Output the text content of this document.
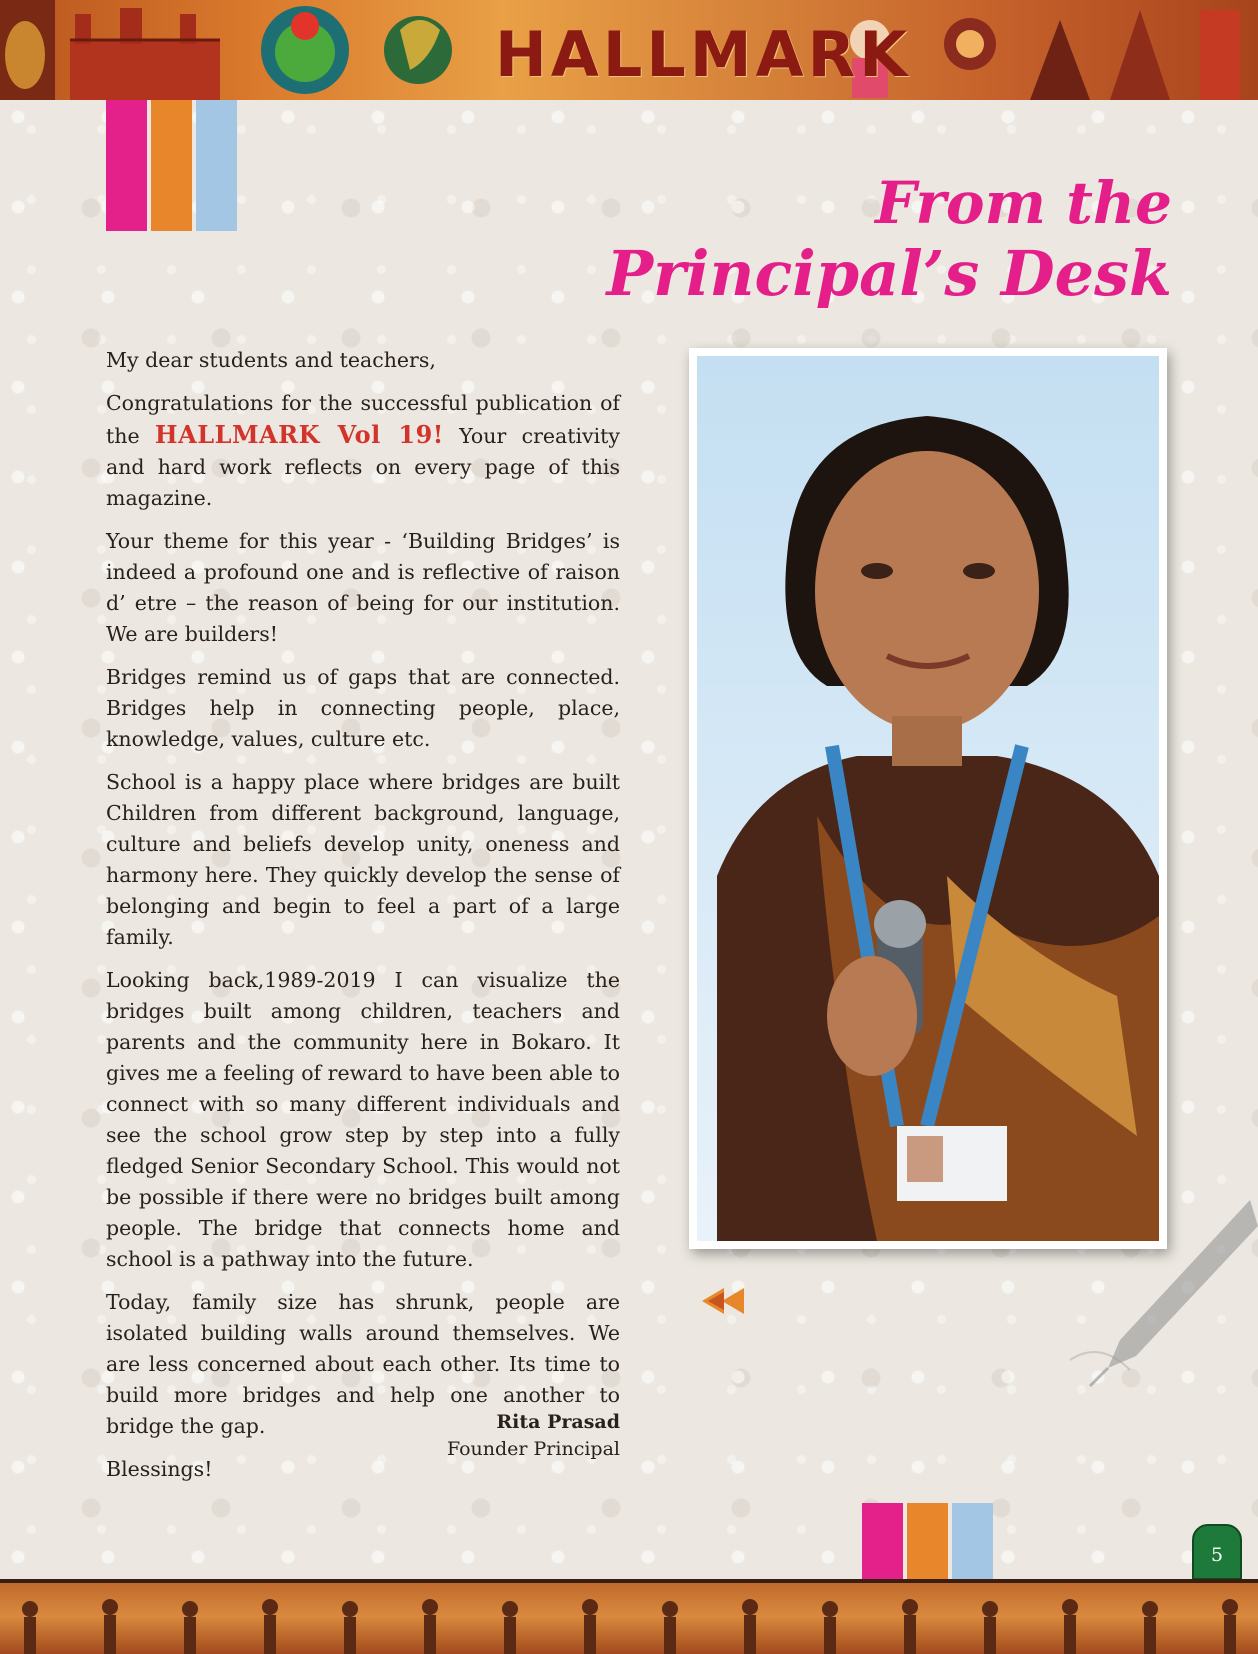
HALLMARK
From the
Principal’s Desk

My dear students and teachers,

Congratulations for the successful publication of the HALLMARK Vol 19! Your creativity and hard work reflects on every page of this magazine.

Your theme for this year - ‘Building Bridges’ is indeed a profound one and is reflective of raison d’ etre – the reason of being for our institution. We are builders!

Bridges remind us of gaps that are connected. Bridges help in connecting people, place, knowledge, values, culture etc.

School is a happy place where bridges are built Children from different background, language, culture and beliefs develop unity, oneness and harmony here. They quickly develop the sense of belonging and begin to feel a part of a large family.

Looking back,1989-2019 I can visualize the bridges built among children, teachers and parents and the community here in Bokaro. It gives me a feeling of reward to have been able to connect with so many different individuals and see the school grow step by step into a fully fledged Senior Secondary School. This would not be possible if there were no bridges built among people. The bridge that connects home and school is a pathway into the future.

Today, family size has shrunk, people are isolated building walls around themselves. We are less concerned about each other. Its time to build more bridges and help one another to bridge the gap.

Blessings!

Rita Prasad
Founder Principal
5
